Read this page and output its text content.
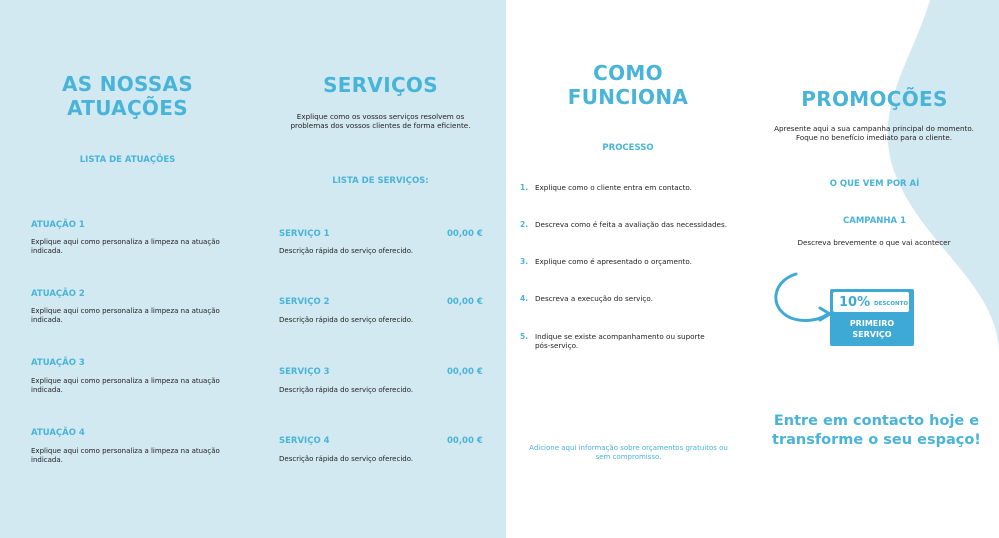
AS NOSSAS
ATUAÇÕES
LISTA DE ATUAÇÕES
ATUAÇÃO 1
Explique aqui como personaliza a limpeza na atuação indicada.
ATUAÇÃO 2
Explique aqui como personaliza a limpeza na atuação indicada.
ATUAÇÃO 3
Explique aqui como personaliza a limpeza na atuação indicada.
ATUAÇÃO 4
Explique aqui como personaliza a limpeza na atuação indicada.
SERVIÇOS
Explique como os vossos serviços resolvem os problemas dos vossos clientes de forma eficiente.
LISTA DE SERVIÇOS:
SERVIÇO 1	00,00 €
Descrição rápida do serviço oferecido.
SERVIÇO 2	00,00 €
Descrição rápida do serviço oferecido.
SERVIÇO 3	00,00 €
Descrição rápida do serviço oferecido.
SERVIÇO 4	00,00 €
Descrição rápida do serviço oferecido.
COMO
FUNCIONA
PROCESSO
1. Explique como o cliente entra em contacto.
2. Descreva como é feita a avaliação das necessidades.
3. Explique como é apresentado o orçamento.
4. Descreva a execução do serviço.
5. Indique se existe acompanhamento ou suporte pós-serviço.
Adicione aqui informação sobre orçamentos gratuitos ou sem compromisso.
PROMOÇÕES
Apresente aqui a sua campanha principal do momento. Foque no benefício imediato para o cliente.
O QUE VEM POR AÍ
CAMPANHA 1
Descreva brevemente o que vai acontecer
10% DESCONTO
PRIMEIRO
SERVIÇO
Entre em contacto hoje e transforme o seu espaço!
